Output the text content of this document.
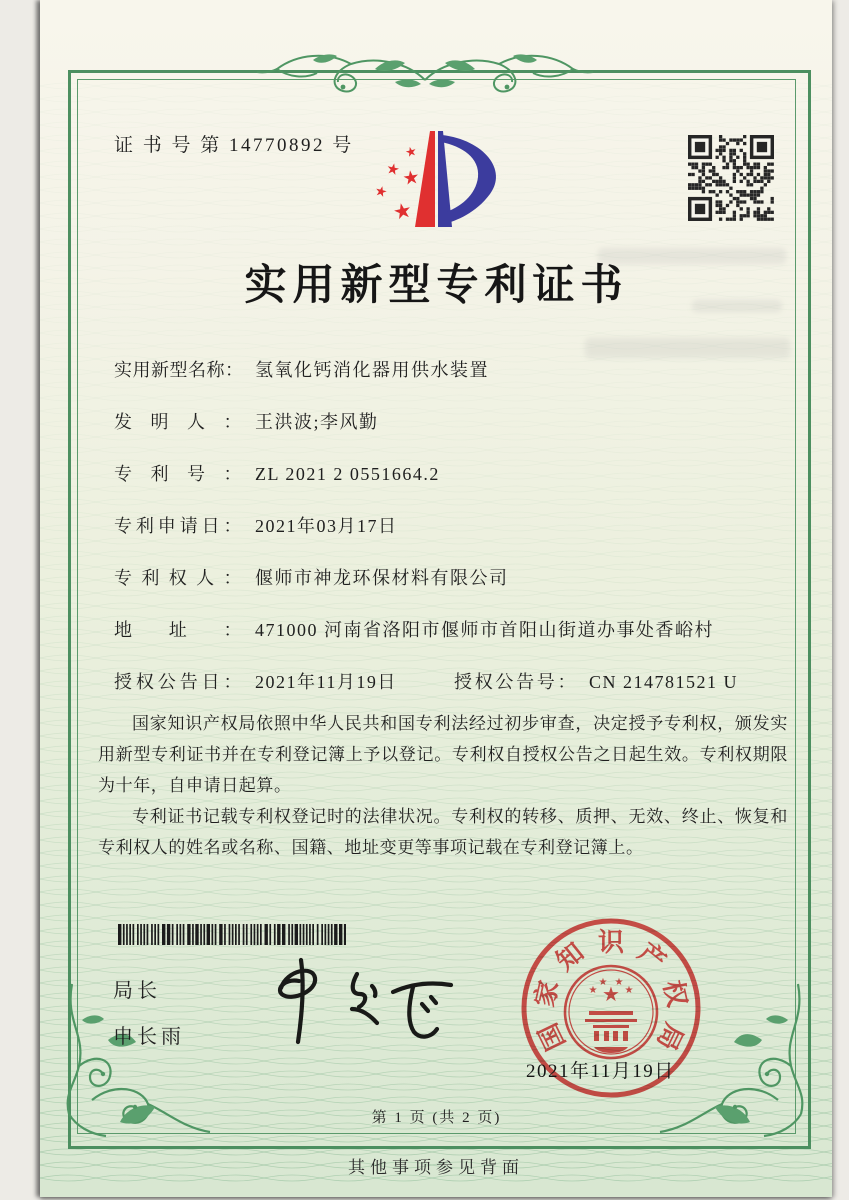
证 书 号 第 14770892 号	★
★ ★
★
★
实用新型专利证书
实用新型名称： 氢氧化钙消化器用供水装置
发明人： 王洪波;李风勤
专利号： ZL 2021 2 0551664.2
专利申请日： 2021年03月17日
专利权人： 偃师市神龙环保材料有限公司
地址： 471000 河南省洛阳市偃师市首阳山街道办事处香峪村
授权公告日： 2021年11月19日	授权公告号： CN 214781521 U

国家知识产权局依照中华人民共和国专利法经过初步审查，决定授予专利权，颁发实用新型专利证书并在专利登记簿上予以登记。专利权自授权公告之日起生效。专利权期限为十年，自申请日起算。

专利证书记载专利权登记时的法律状况。专利权的转移、质押、无效、终止、恢复和专利权人的姓名或名称、国籍、地址变更等事项记载在专利登记簿上。

局长
申长雨	国
家
知 识 产
权
局
★
★
★ ★
★
2021年11月19日
第 1 页 (共 2 页)
其他事项参见背面
